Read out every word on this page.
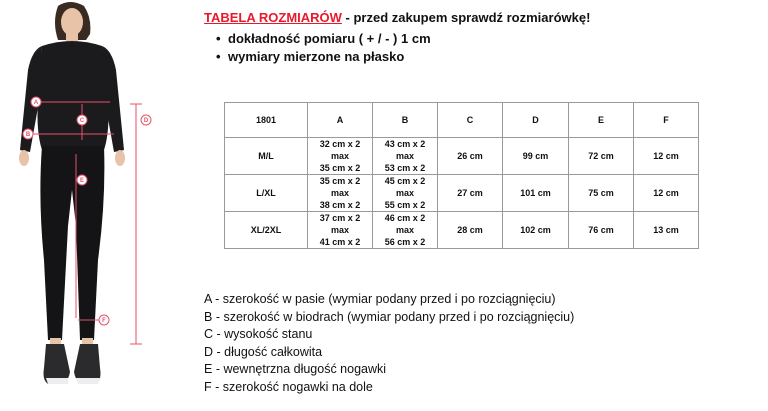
A
B
C	D
E
F
TABELA ROZMIARÓW - przed zakupem sprawdź rozmiarówkę!
• dokładność pomiaru ( + / - ) 1 cm
• wymiary mierzone na płasko
1801	A	B	C	D	E	F
M/L	32 cm x 2
max
35 cm x 2	43 cm x 2
max
53 cm x 2	26 cm	99 cm	72 cm	12 cm
L/XL	35 cm x 2
max
38 cm x 2	45 cm x 2
max
55 cm x 2	27 cm	101 cm	75 cm	12 cm
XL/2XL	37 cm x 2
max
41 cm x 2	46 cm x 2
max
56 cm x 2	28 cm	102 cm	76 cm	13 cm
A - szerokość w pasie (wymiar podany przed i po rozciągnięciu)
B - szerokość w biodrach (wymiar podany przed i po rozciągnięciu)
C - wysokość stanu
D - długość całkowita
E - wewnętrzna długość nogawki
F - szerokość nogawki na dole
